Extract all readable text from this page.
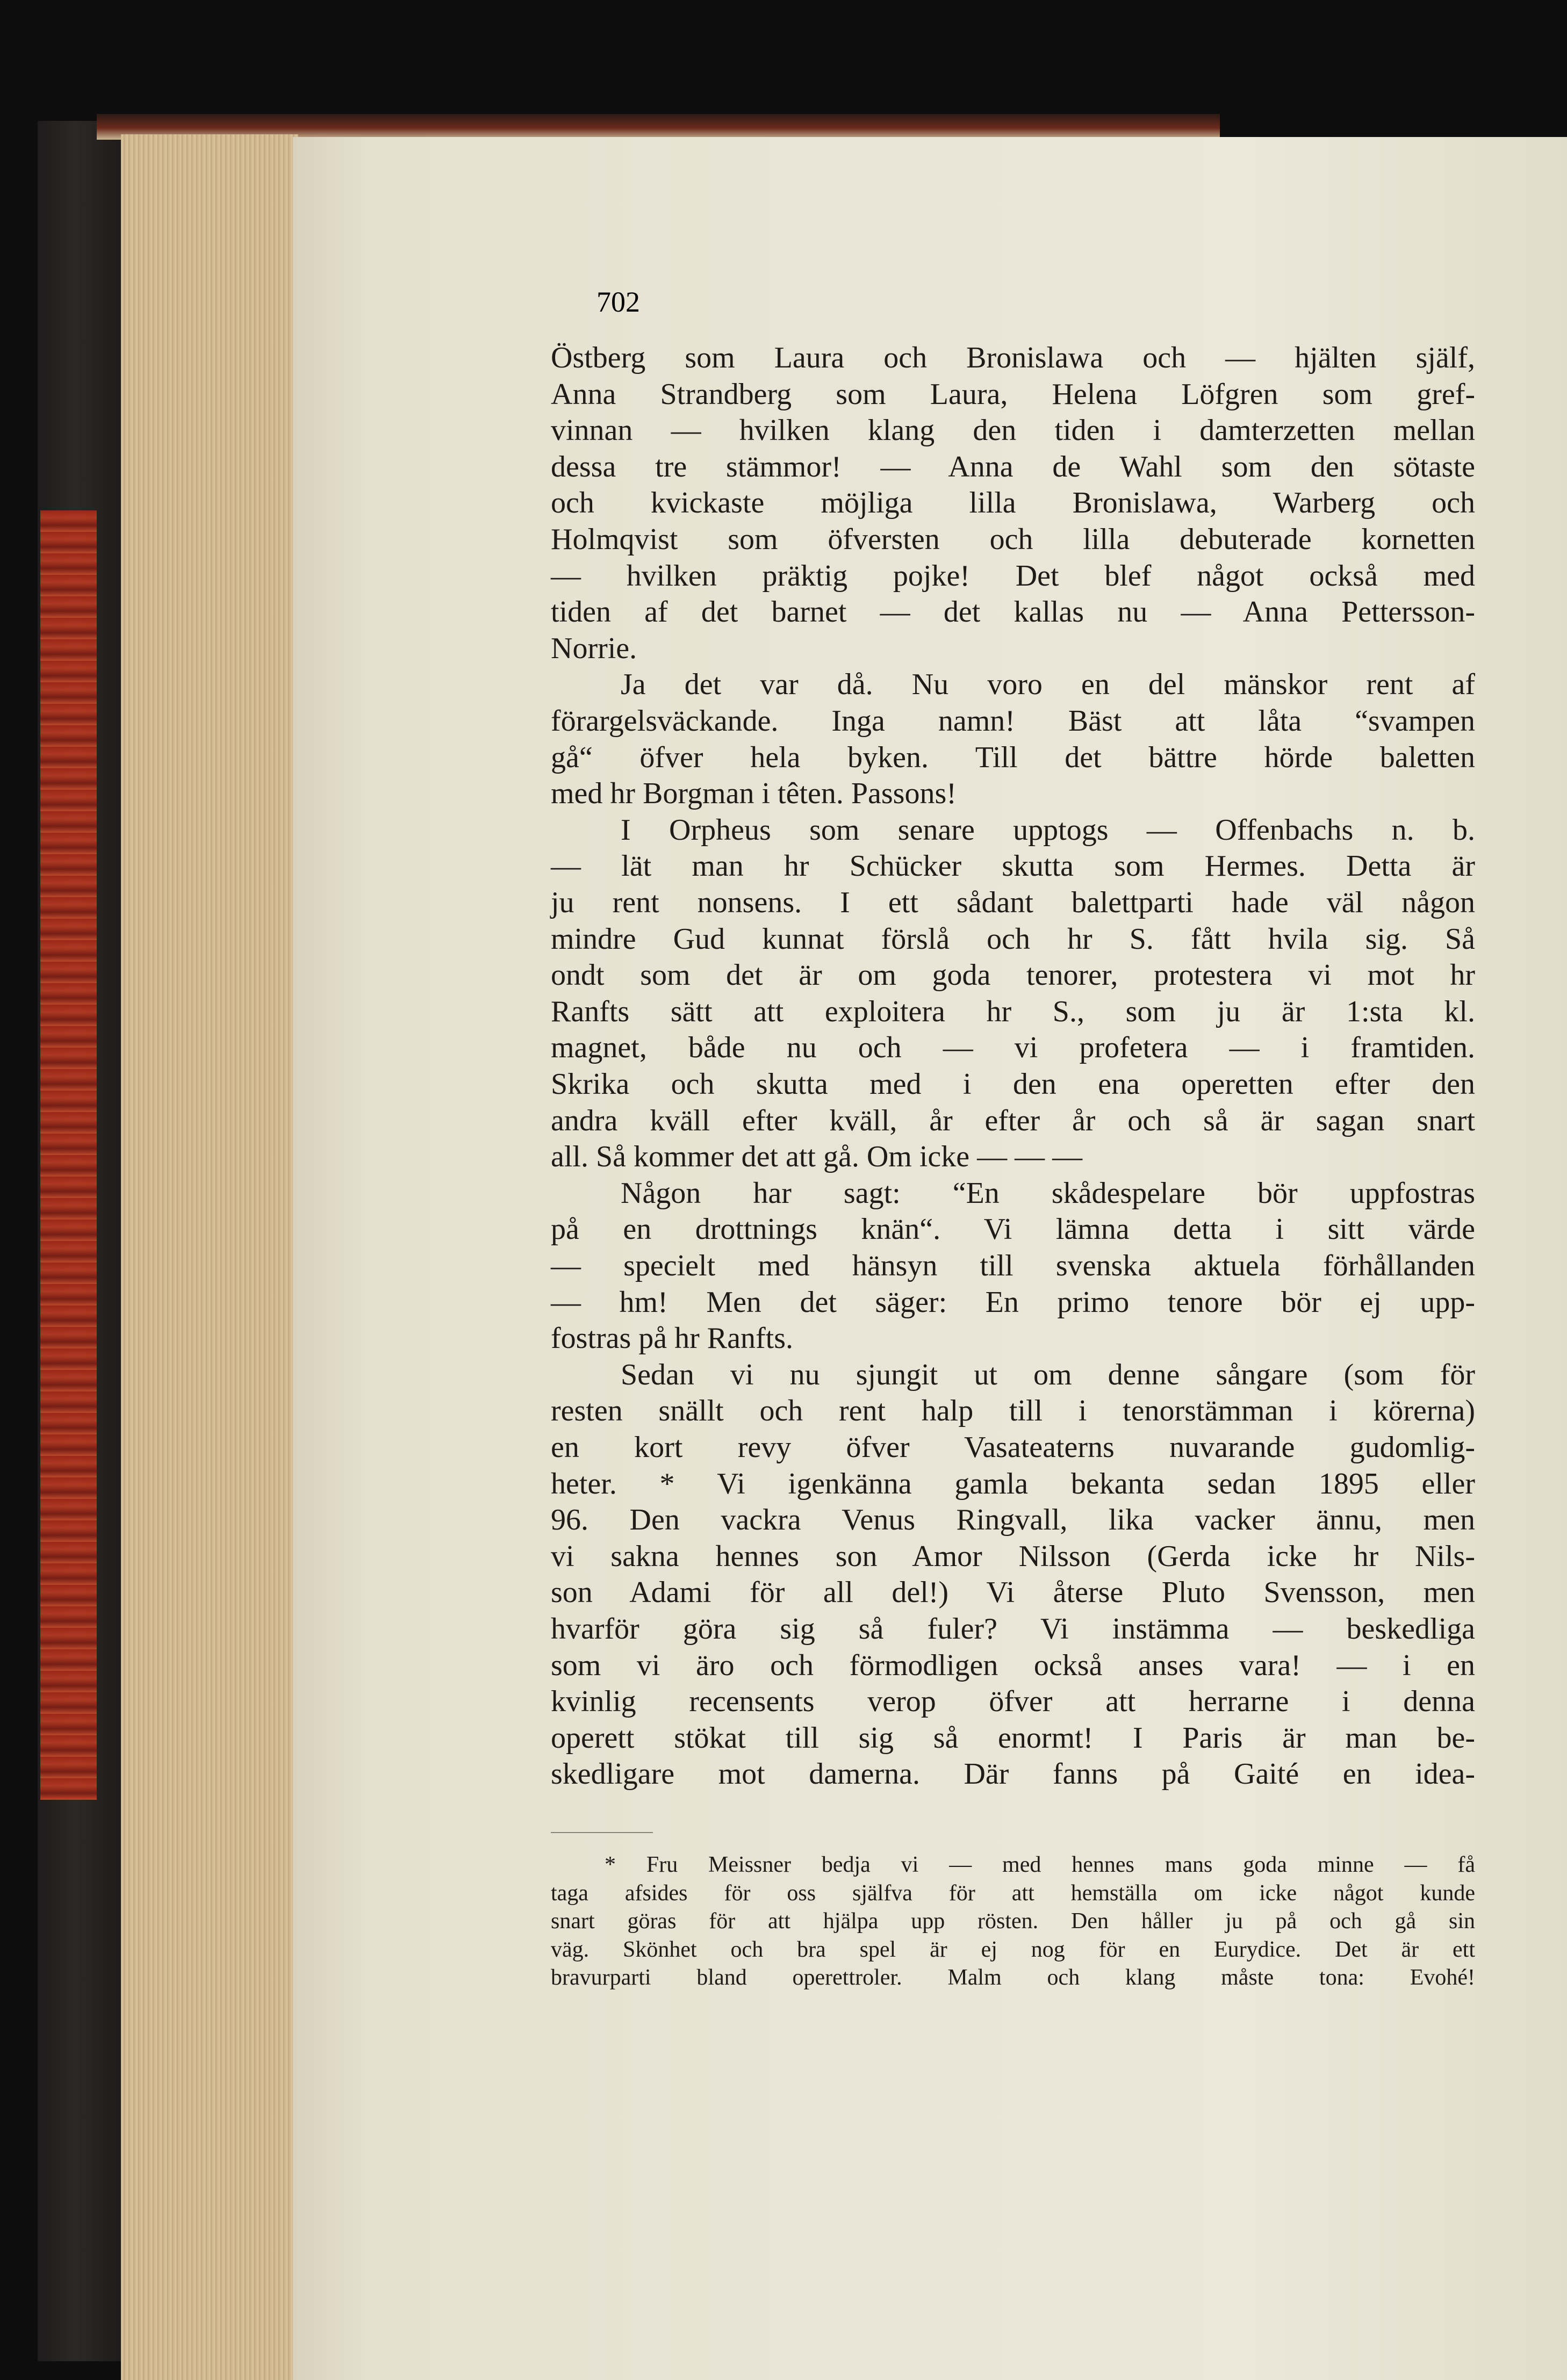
702
Östberg som Laura och Bronislawa och — hjälten själf,
Anna Strandberg som Laura, Helena Löfgren som gref-
vinnan — hvilken klang den tiden i damterzetten mellan
dessa tre stämmor! — Anna de Wahl som den sötaste
och kvickaste möjliga lilla Bronislawa, Warberg och
Holmqvist som öfversten och lilla debuterade kornetten
— hvilken präktig pojke! Det blef något också med
tiden af det barnet — det kallas nu — Anna Pettersson-
Norrie.
Ja det var då. Nu voro en del mänskor rent af
förargelsväckande. Inga namn! Bäst att låta “svampen
gå“ öfver hela byken. Till det bättre hörde baletten
med hr Borgman i têten. Passons!
I Orpheus som senare upptogs — Offenbachs n. b.
— lät man hr Schücker skutta som Hermes. Detta är
ju rent nonsens. I ett sådant balettparti hade väl någon
mindre Gud kunnat förslå och hr S. fått hvila sig. Så
ondt som det är om goda tenorer, protestera vi mot hr
Ranfts sätt att exploitera hr S., som ju är 1:sta kl.
magnet, både nu och — vi profetera — i framtiden.
Skrika och skutta med i den ena operetten efter den
andra kväll efter kväll, år efter år och så är sagan snart
all. Så kommer det att gå. Om icke — — —
Någon har sagt: “En skådespelare bör uppfostras
på en drottnings knän“. Vi lämna detta i sitt värde
— specielt med hänsyn till svenska aktuela förhållanden
— hm! Men det säger: En primo tenore bör ej upp-
fostras på hr Ranfts.
Sedan vi nu sjungit ut om denne sångare (som för
resten snällt och rent halp till i tenorstämman i körerna)
en kort revy öfver Vasateaterns nuvarande gudomlig-
heter. * Vi igenkänna gamla bekanta sedan 1895 eller
96. Den vackra Venus Ringvall, lika vacker ännu, men
vi sakna hennes son Amor Nilsson (Gerda icke hr Nils-
son Adami för all del!) Vi återse Pluto Svensson, men
hvarför göra sig så fuler? Vi instämma — beskedliga
som vi äro och förmodligen också anses vara! — i en
kvinlig recensents verop öfver att herrarne i denna
operett stökat till sig så enormt! I Paris är man be-
skedligare mot damerna. Där fanns på Gaité en idea-
* Fru Meissner bedja vi — med hennes mans goda minne — få
taga afsides för oss själfva för att hemställa om icke något kunde
snart göras för att hjälpa upp rösten. Den håller ju på och gå sin
väg. Skönhet och bra spel är ej nog för en Eurydice. Det är ett
bravurparti bland operettroler. Malm och klang måste tona: Evohé!
